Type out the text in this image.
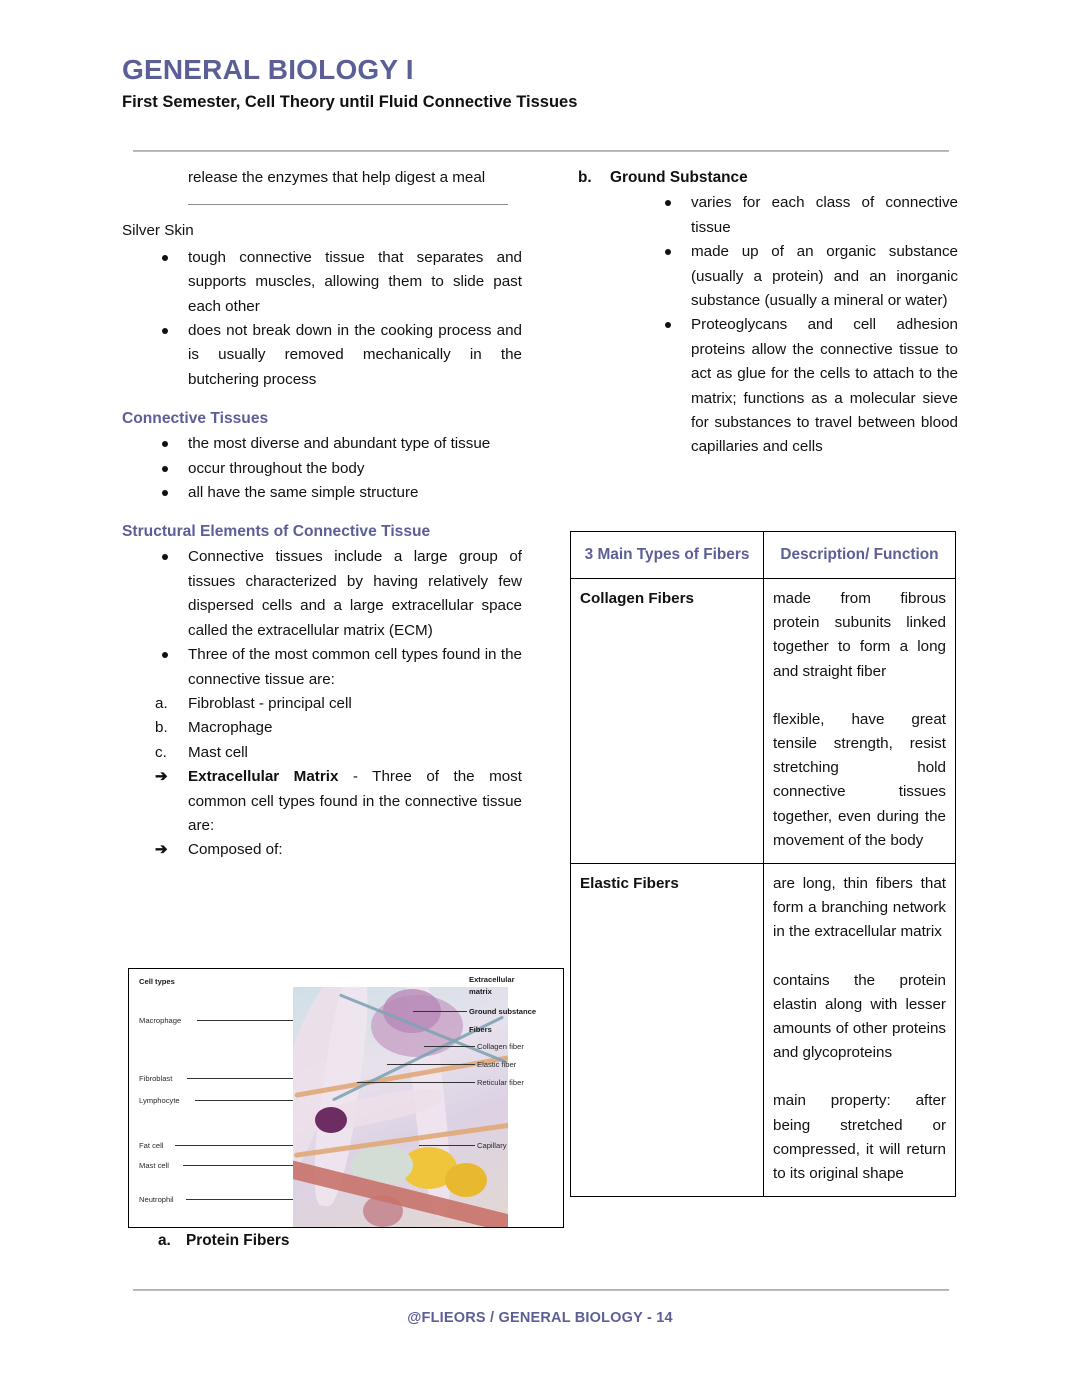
GENERAL BIOLOGY I
First Semester, Cell Theory until Fluid Connective Tissues
release the enzymes that help digest a meal
Silver Skin
tough connective tissue that separates and supports muscles, allowing them to slide past each other
does not break down in the cooking process and is usually removed mechanically in the butchering process
Connective Tissues
the most diverse and abundant type of tissue
occur throughout the body
all have the same simple structure
Structural Elements of Connective Tissue
Connective tissues include a large group of tissues characterized by having relatively few dispersed cells and a large extracellular space called the extracellular matrix (ECM)
Three of the most common cell types found in the connective tissue are:
a. Fibroblast - principal cell
b. Macrophage
c. Mast cell
➔ Extracellular Matrix - Three of the most common cell types found in the connective tissue are:
➔ Composed of:
b. Ground Substance
varies for each class of connective tissue
made up of an organic substance (usually a protein) and an inorganic substance (usually a mineral or water)
Proteoglycans and cell adhesion proteins allow the connective tissue to act as glue for the cells to attach to the matrix; functions as a molecular sieve for substances to travel between blood capillaries and cells
3 Main Types of Fibers	Description/ Function
Collagen Fibers	made from fibrous protein subunits linked together to form a long and straight fiber

flexible, have great tensile strength, resist stretching hold connective tissues together, even during the movement of the body

Elastic Fibers	are long, thin fibers that form a branching network in the extracellular matrix

contains the protein elastin along with lesser amounts of other proteins and glycoproteins

main property: after being stretched or compressed, it will return to its original shape

Cell types
Macrophage
Fibroblast
Lymphocyte
Fat cell
Mast cell
Neutrophil
Extracellular
matrix
Ground substance
Fibers
Collagen fiber
Elastic fiber
Reticular fiber
Capillary
a. Protein Fibers
@FLIEORS / GENERAL BIOLOGY - 14
